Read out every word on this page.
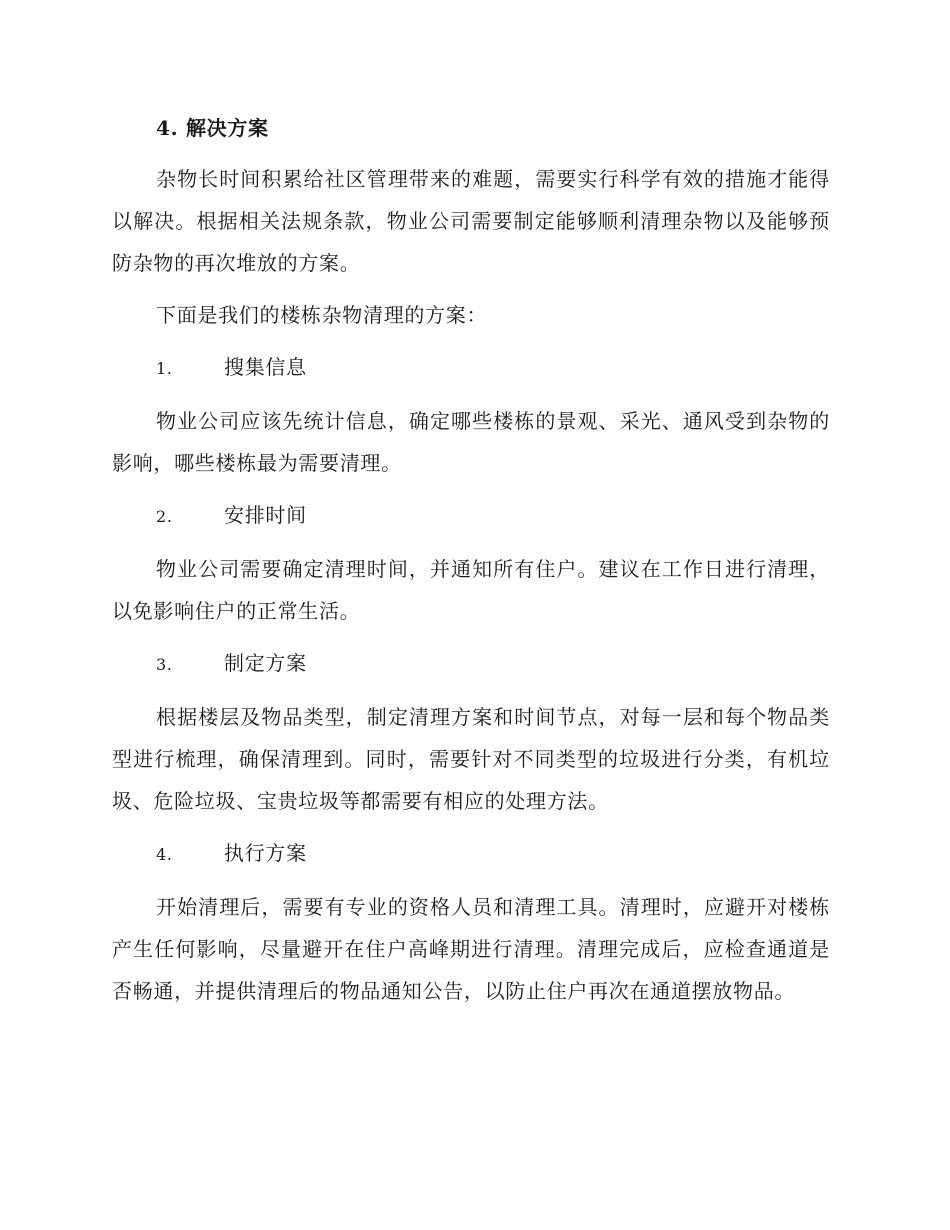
4. 解决方案

杂物长时间积累给社区管理带来的难题，需要实行科学有效的措施才能得以解决。根据相关法规条款，物业公司需要制定能够顺利清理杂物以及能够预防杂物的再次堆放的方案。

下面是我们的楼栋杂物清理的方案：

1.	搜集信息

物业公司应该先统计信息，确定哪些楼栋的景观、采光、通风受到杂物的影响，哪些楼栋最为需要清理。

2.	安排时间

物业公司需要确定清理时间，并通知所有住户。建议在工作日进行清理，以免影响住户的正常生活。

3.	制定方案

根据楼层及物品类型，制定清理方案和时间节点，对每一层和每个物品类型进行梳理，确保清理到。同时，需要针对不同类型的垃圾进行分类，有机垃圾、危险垃圾、宝贵垃圾等都需要有相应的处理方法。

4.	执行方案

开始清理后，需要有专业的资格人员和清理工具。清理时，应避开对楼栋产生任何影响，尽量避开在住户高峰期进行清理。清理完成后，应检查通道是否畅通，并提供清理后的物品通知公告，以防止住户再次在通道摆放物品。
